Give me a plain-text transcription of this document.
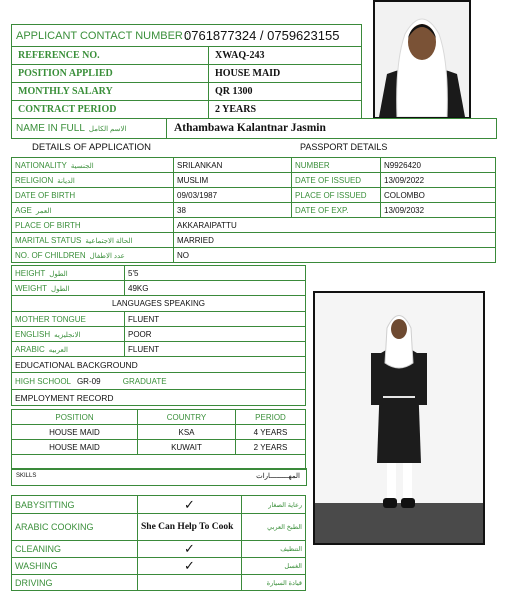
APPLICANT CONTACT NUMBER :
0761877324 / 0759623155
REFERENCE NO.	XWAQ-243
POSITION APPLIED	HOUSE MAID
MONTHLY SALARY	QR 1300
CONTRACT PERIOD	2 YEARS
NAME IN FULL الاسم الكامل	Athambawa Kalantnar Jasmin
DETAILS OF APPLICATION	PASSPORT DETAILS
NATIONALITY الجنسية	SRILANKAN	NUMBER	N9926420
RELIGION الديانة	MUSLIM	DATE OF ISSUED	13/09/2022
DATE OF BIRTH	09/03/1987	PLACE OF ISSUED	COLOMBO
AGE العمر	38	DATE OF EXP.	13/09/2032
PLACE OF BIRTH	AKKARAIPATTU		
MARITAL STATUS الحالة الاجتماعية	MARRIED		
NO. OF CHILDREN عدد الاطفال	NO		
HEIGHT الطول	5'5
WEIGHT الطول	49KG
LANGUAGES SPEAKING	
MOTHER TONGUE	FLUENT
ENGLISH الانجليزيه	POOR
ARABIC العربيه	FLUENT
EDUCATIONAL BACKGROUND	
HIGH SCHOOL GR-09 GRADUATE	
EMPLOYMENT RECORD	
POSITION	COUNTRY	PERIOD
HOUSE MAID	KSA	4 YEARS
HOUSE MAID	KUWAIT	2 YEARS

SKILLS	المهـــــــــارات
BABYSITTING	✓	رعاية الصغار
ARABIC COOKING	She Can Help To Cook	الطبخ العربي
CLEANING	✓	التنظيف
WASHING	✓	الغسل
DRIVING		قيادة السيارة
